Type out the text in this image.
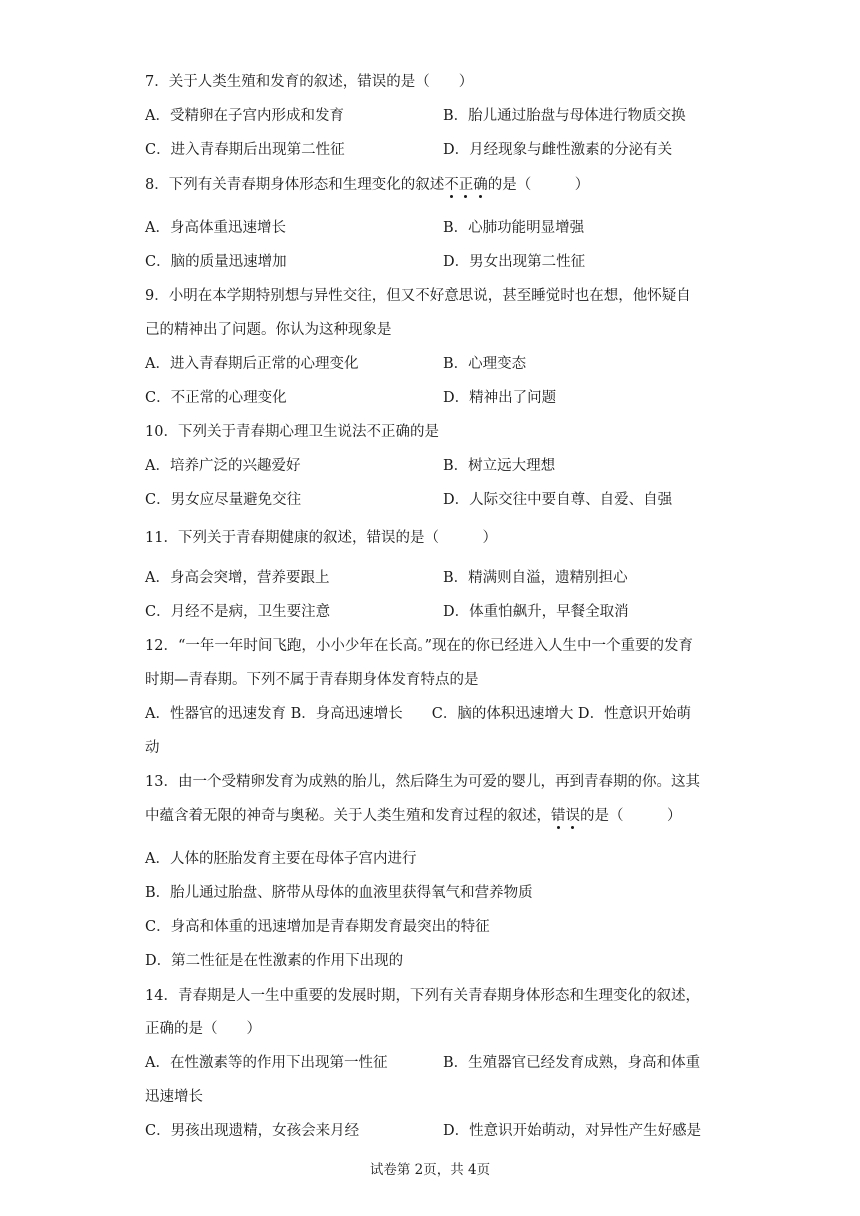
7．关于人类生殖和发育的叙述，错误的是（　　）
A．受精卵在子宫内形成和发育	B．胎儿通过胎盘与母体进行物质交换
C．进入青春期后出现第二性征	D．月经现象与雌性激素的分泌有关
8．下列有关青春期身体形态和生理变化的叙述不正确的是（　　　）
A．身高体重迅速增长	B．心肺功能明显增强
C．脑的质量迅速增加	D．男女出现第二性征
9．小明在本学期特别想与异性交往，但又不好意思说，甚至睡觉时也在想，他怀疑自
己的精神出了问题。你认为这种现象是
A．进入青春期后正常的心理变化	B．心理变态
C．不正常的心理变化	D．精神出了问题
10．下列关于青春期心理卫生说法不正确的是
A．培养广泛的兴趣爱好	B．树立远大理想
C．男女应尽量避免交往	D．人际交往中要自尊、自爱、自强
11．下列关于青春期健康的叙述，错误的是（　　　）
A．身高会突增，营养要跟上	B．精满则自溢，遗精别担心
C．月经不是病，卫生要注意	D．体重怕飙升，早餐全取消
12．“一年一年时间飞跑，小小少年在长高。”现在的你已经进入人生中一个重要的发育
时期—青春期。下列不属于青春期身体发育特点的是
A．性器官的迅速发育 B．身高迅速增长　　C．脑的体积迅速增大 D．性意识开始萌
动
13．由一个受精卵发育为成熟的胎儿，然后降生为可爱的婴儿，再到青春期的你。这其
中蕴含着无限的神奇与奥秘。关于人类生殖和发育过程的叙述，错误的是（　　　）
A．人体的胚胎发育主要在母体子宫内进行
B．胎儿通过胎盘、脐带从母体的血液里获得氧气和营养物质
C．身高和体重的迅速增加是青春期发育最突出的特征
D．第二性征是在性激素的作用下出现的
14．青春期是人一生中重要的发展时期，下列有关青春期身体形态和生理变化的叙述，
正确的是（　　）
A．在性激素等的作用下出现第一性征	B．生殖器官已经发育成熟，身高和体重
迅速增长
C．男孩出现遗精，女孩会来月经	D．性意识开始萌动，对异性产生好感是
试卷第 2页，共 4页
